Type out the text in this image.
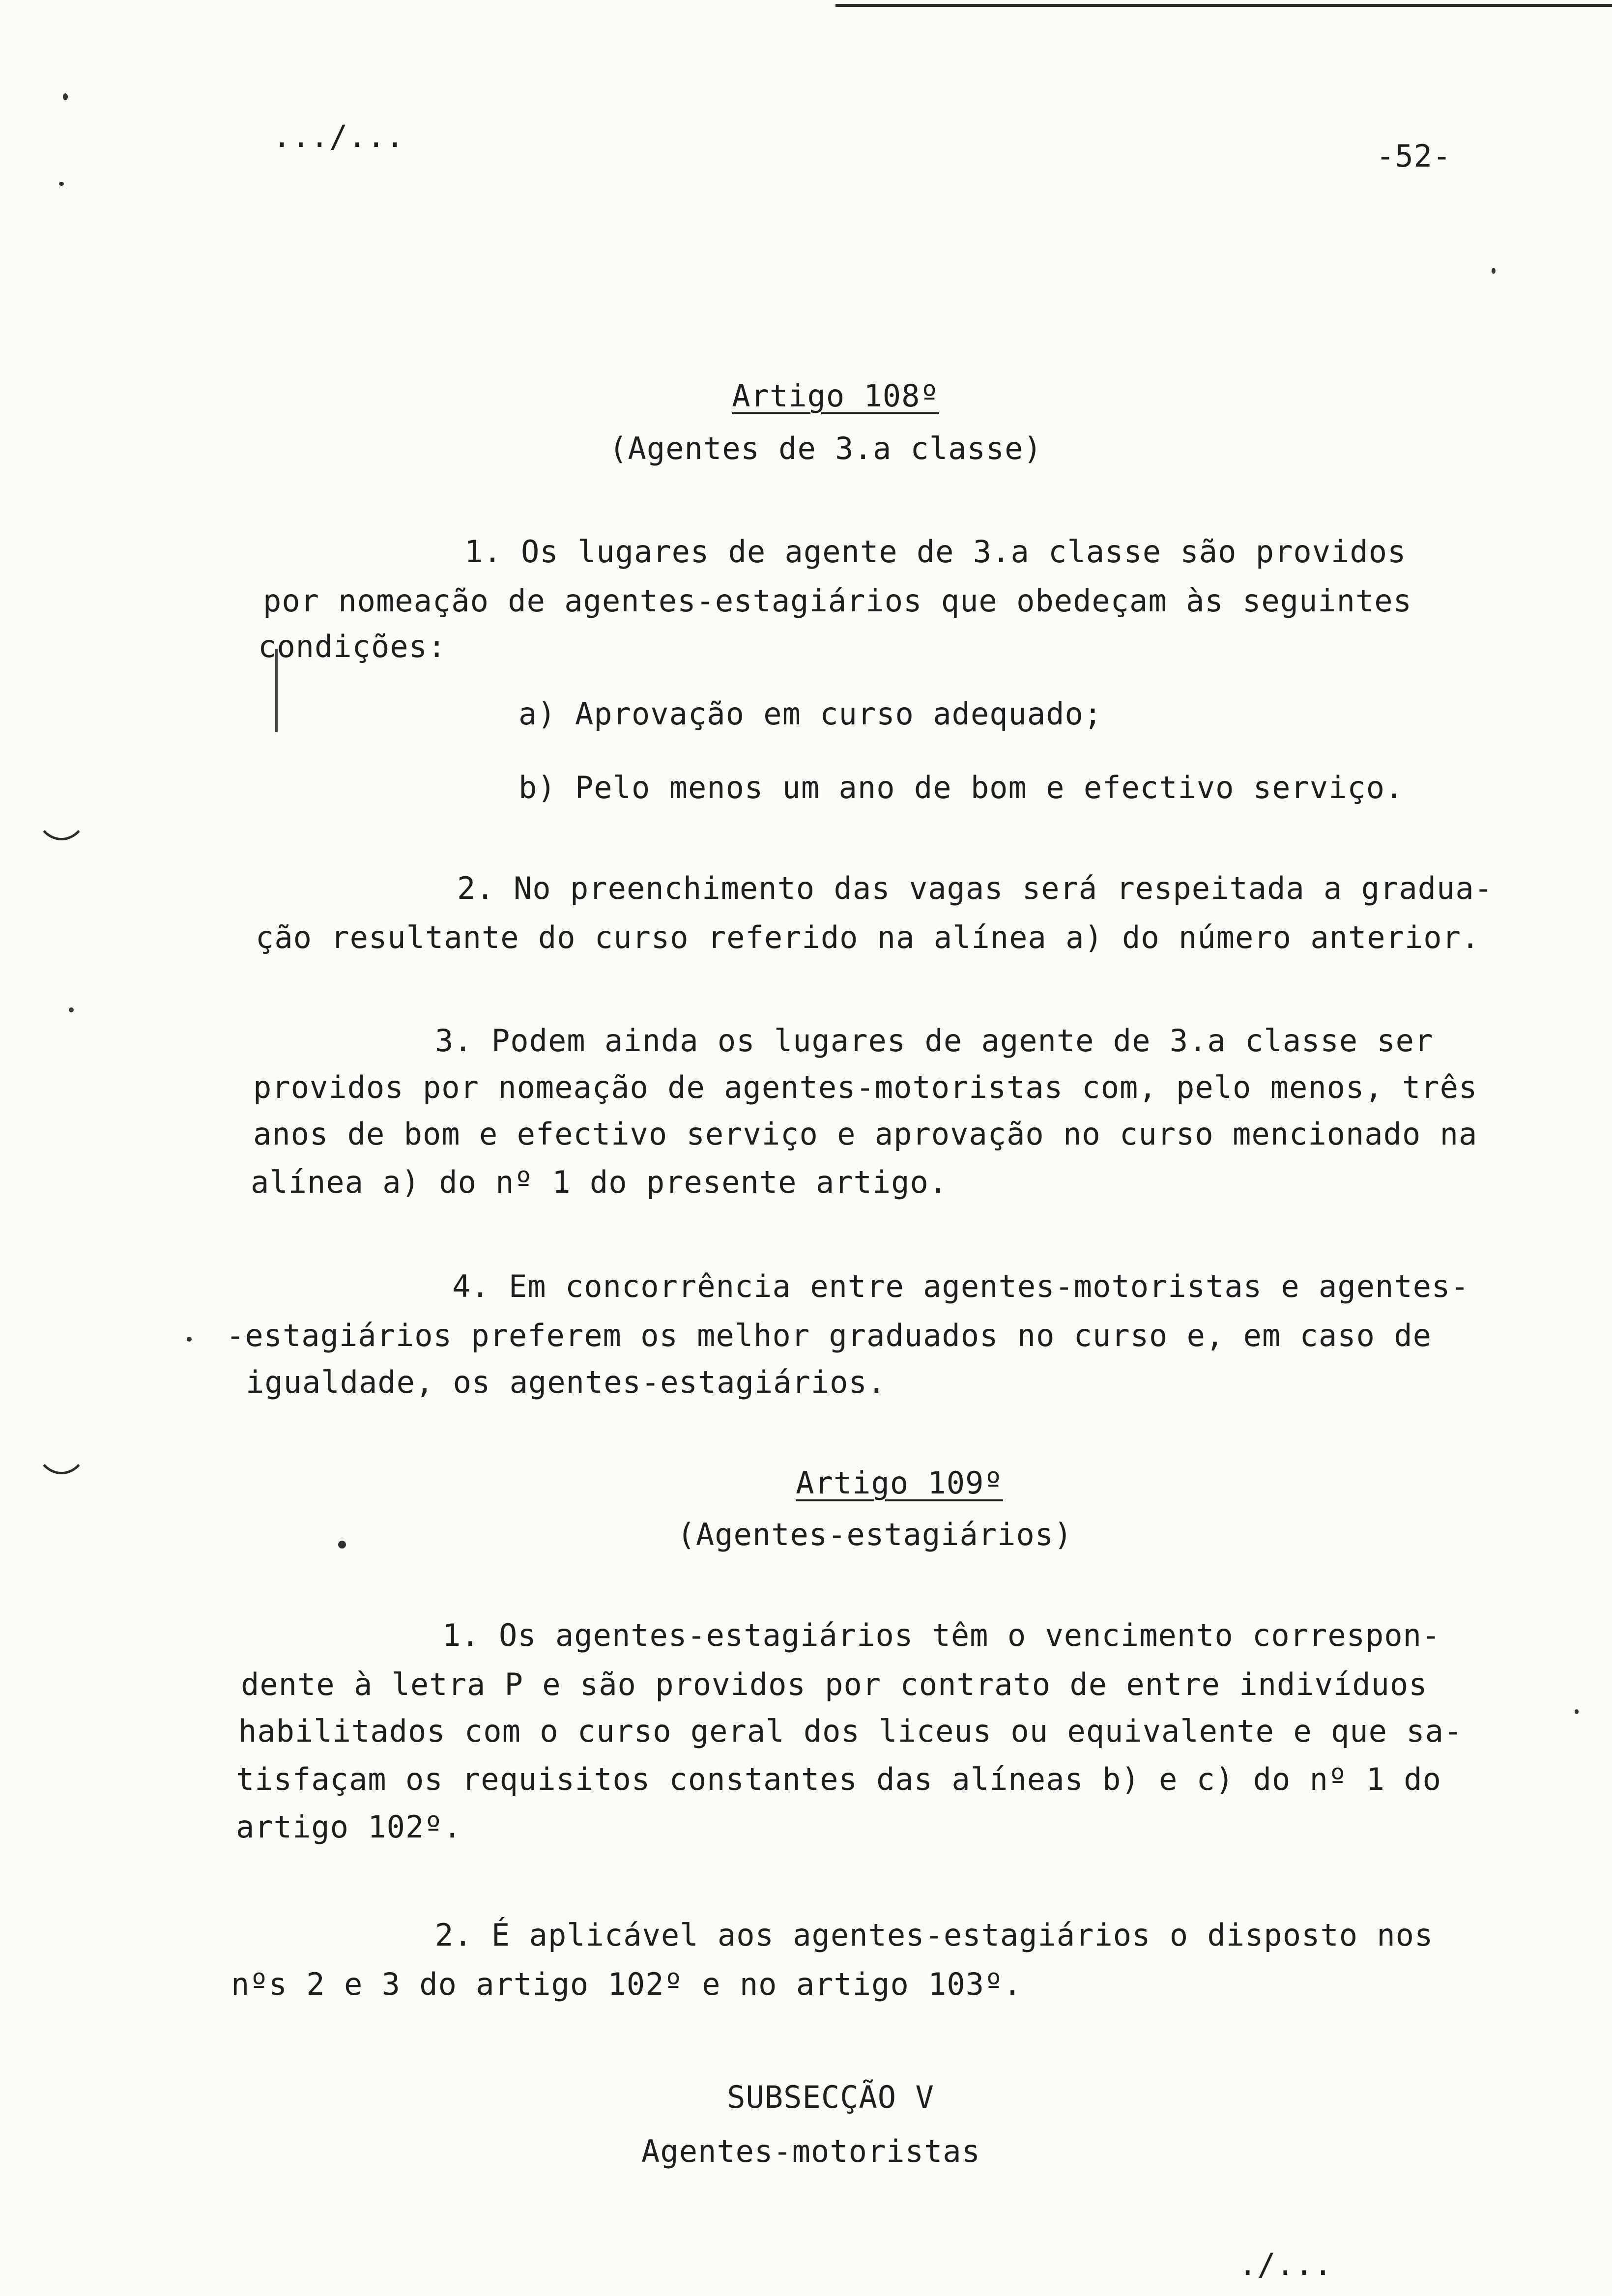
.../...
-52-
Artigo 108º
(Agentes de 3.a classe)
1. Os lugares de agente de 3.a classe são providos
por nomeação de agentes-estagiários que obedeçam às seguintes
condições:
a) Aprovação em curso adequado;
b) Pelo menos um ano de bom e efectivo serviço.
2. No preenchimento das vagas será respeitada a gradua-
ção resultante do curso referido na alínea a) do número anterior.
3. Podem ainda os lugares de agente de 3.a classe ser
providos por nomeação de agentes-motoristas com, pelo menos, três
anos de bom e efectivo serviço e aprovação no curso mencionado na
alínea a) do nº 1 do presente artigo.
4. Em concorrência entre agentes-motoristas e agentes-
-estagiários preferem os melhor graduados no curso e, em caso de
igualdade, os agentes-estagiários.
Artigo 109º
(Agentes-estagiários)
1. Os agentes-estagiários têm o vencimento correspon-
dente à letra P e são providos por contrato de entre indivíduos
habilitados com o curso geral dos liceus ou equivalente e que sa-
tisfaçam os requisitos constantes das alíneas b) e c) do nº 1 do
artigo 102º.
2. É aplicável aos agentes-estagiários o disposto nos
nºs 2 e 3 do artigo 102º e no artigo 103º.
SUBSECÇÃO V
Agentes-motoristas
./...
